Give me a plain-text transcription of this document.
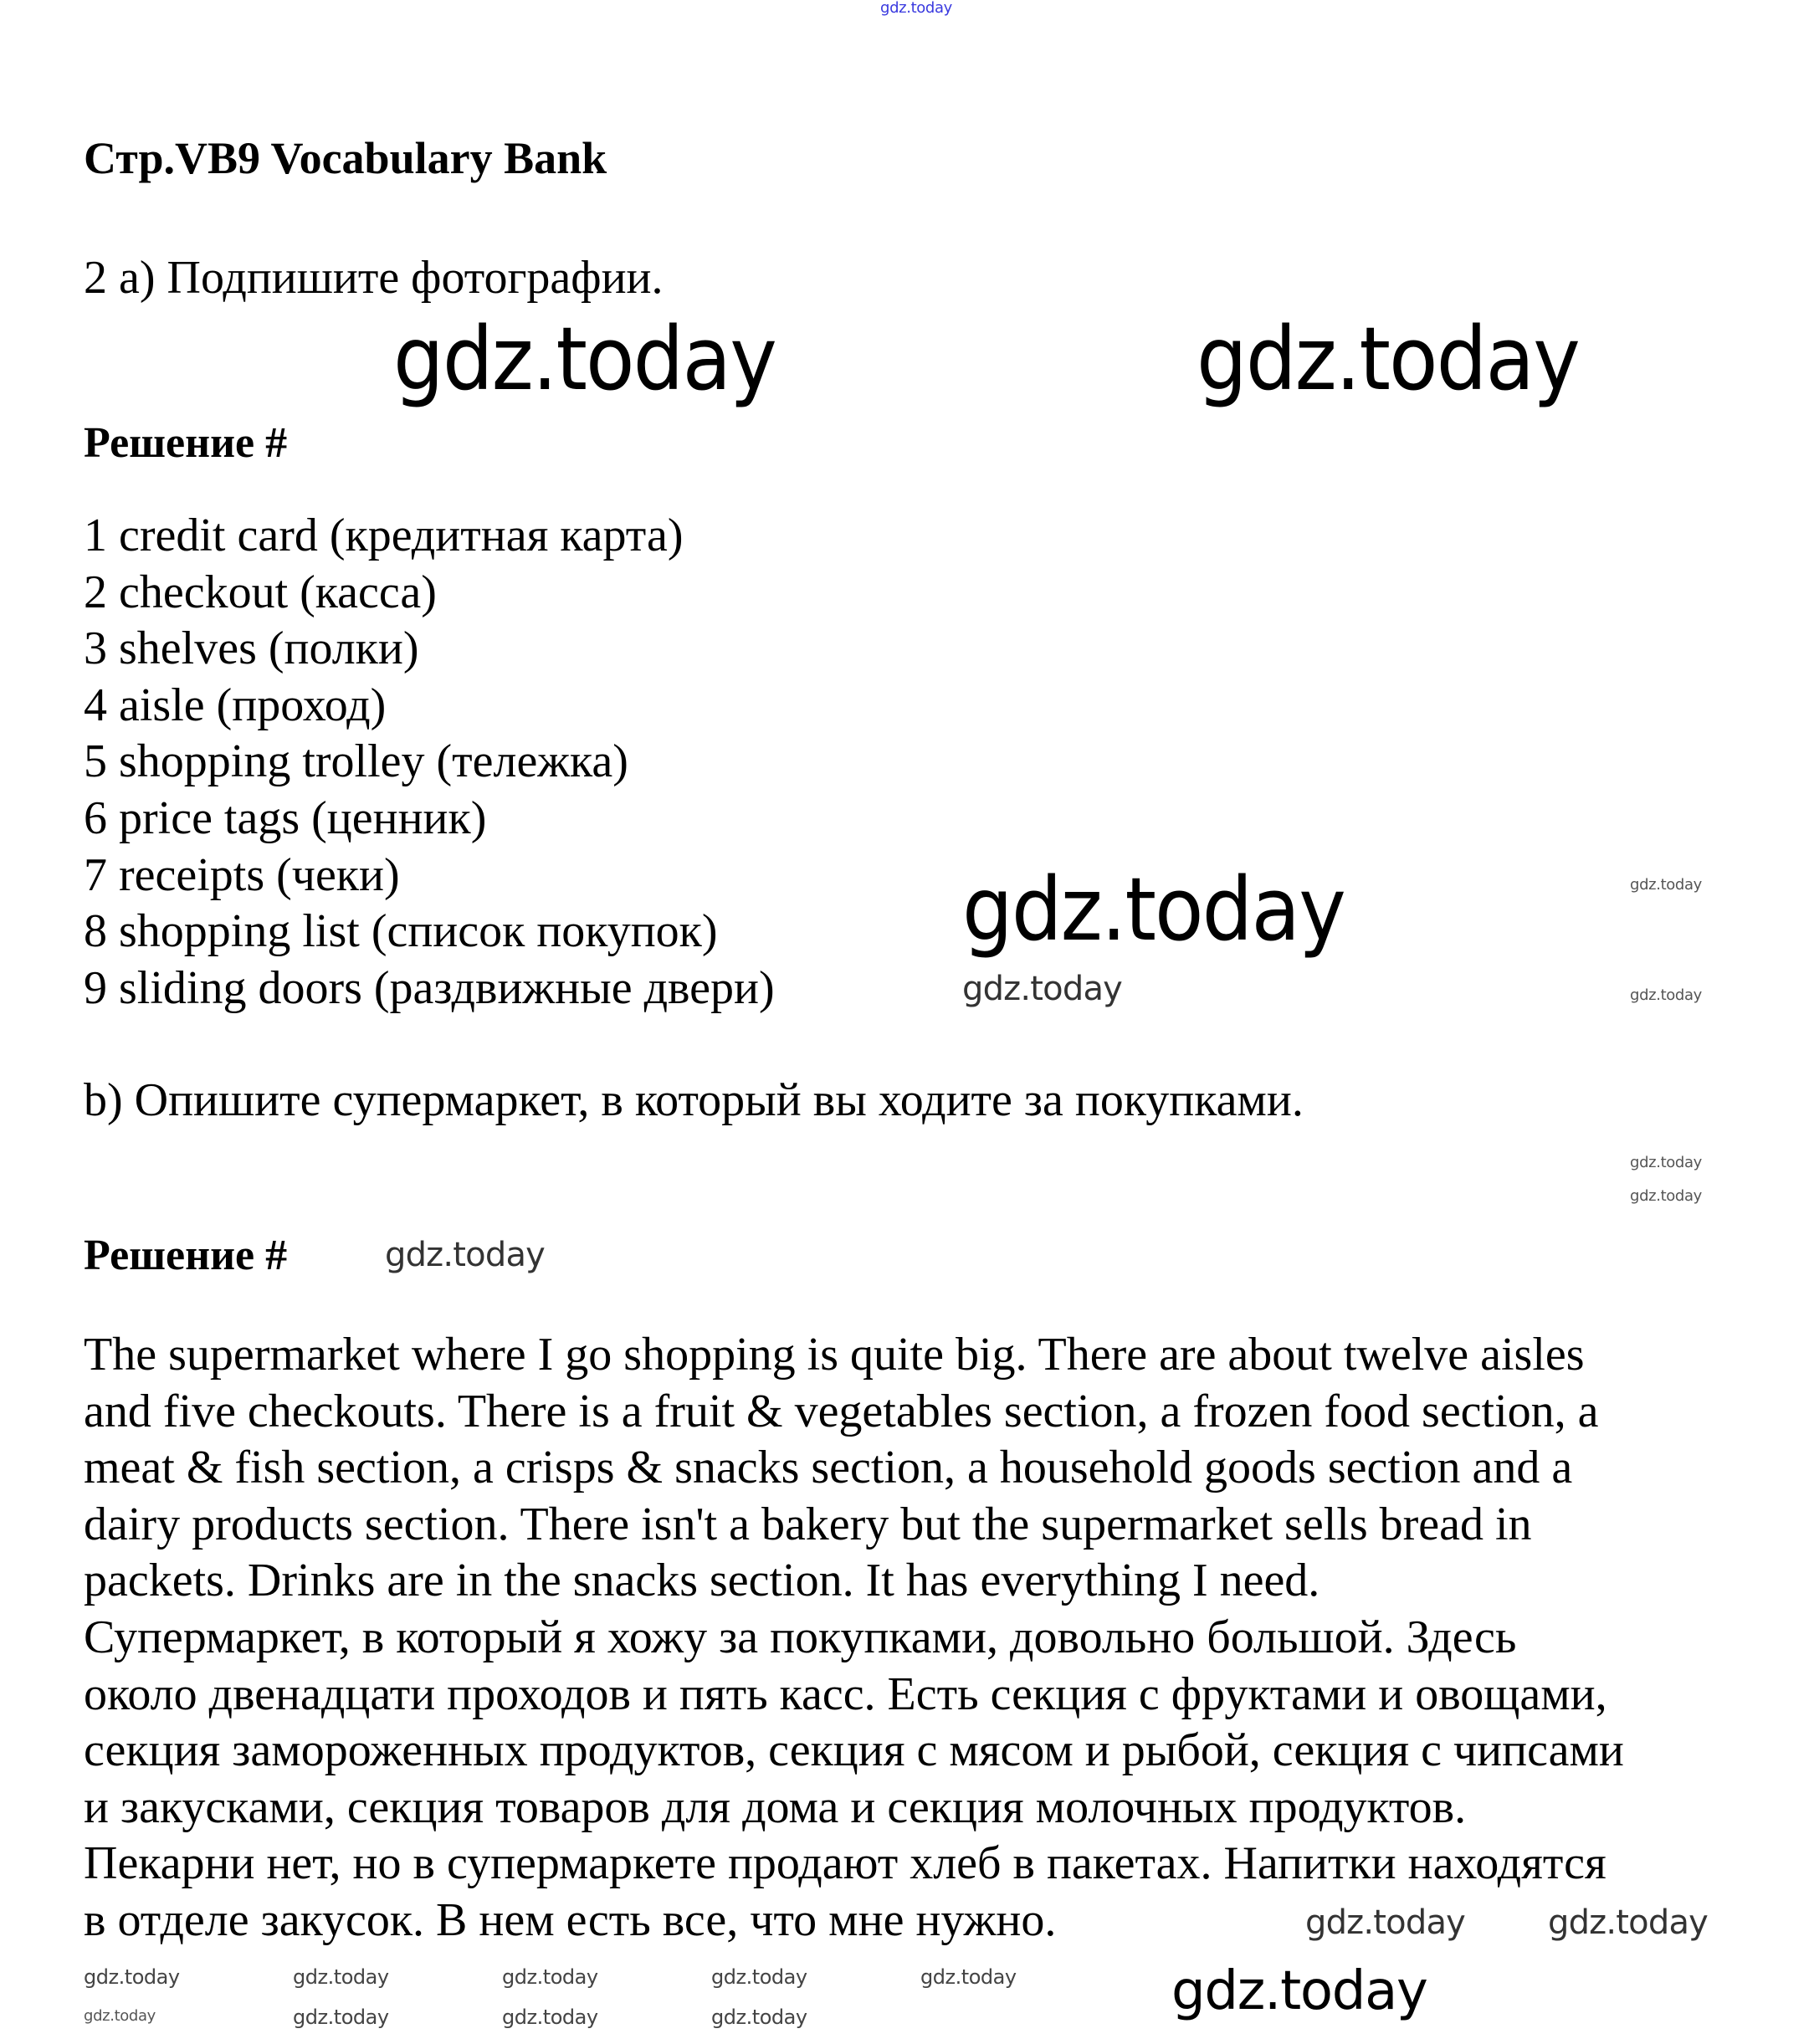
gdz.today
Стр.VB9 Vocabulary Bank
2 a) Подпишите фотографии.
gdz.today	gdz.today
Решение #
1 credit card (кредитная карта)
2 checkout (касса)
3 shelves (полки)
4 aisle (проход)
5 shopping trolley (тележка)
6 price tags (ценник)
7 receipts (чеки)
8 shopping list (список покупок)
9 sliding doors (раздвижные двери)
gdz.today	gdz.today
gdz.today
gdz.today
gdz.today
gdz.today
b) Опишите супермаркет, в который вы ходите за покупками.
Решение #	gdz.today
The supermarket where I go shopping is quite big. There are about twelve aisles
and five checkouts. There is a fruit & vegetables section, a frozen food section, a
meat & fish section, a crisps & snacks section, a household goods section and a
dairy products section. There isn't a bakery but the supermarket sells bread in
packets. Drinks are in the snacks section. It has everything I need.
Супермаркет, в который я хожу за покупками, довольно большой. Здесь
около двенадцати проходов и пять касс. Есть секция с фруктами и овощами,
секция замороженных продуктов, секция с мясом и рыбой, секция с чипсами
и закусками, секция товаров для дома и секция молочных продуктов.
Пекарни нет, но в супермаркете продают хлеб в пакетах. Напитки находятся
в отделе закусок. В нем есть все, что мне нужно.	gdz.today gdz.today
gdz.today
gdz.today	gdz.today	gdz.today	gdz.today	gdz.today
gdz.today	gdz.today	gdz.today	gdz.today
